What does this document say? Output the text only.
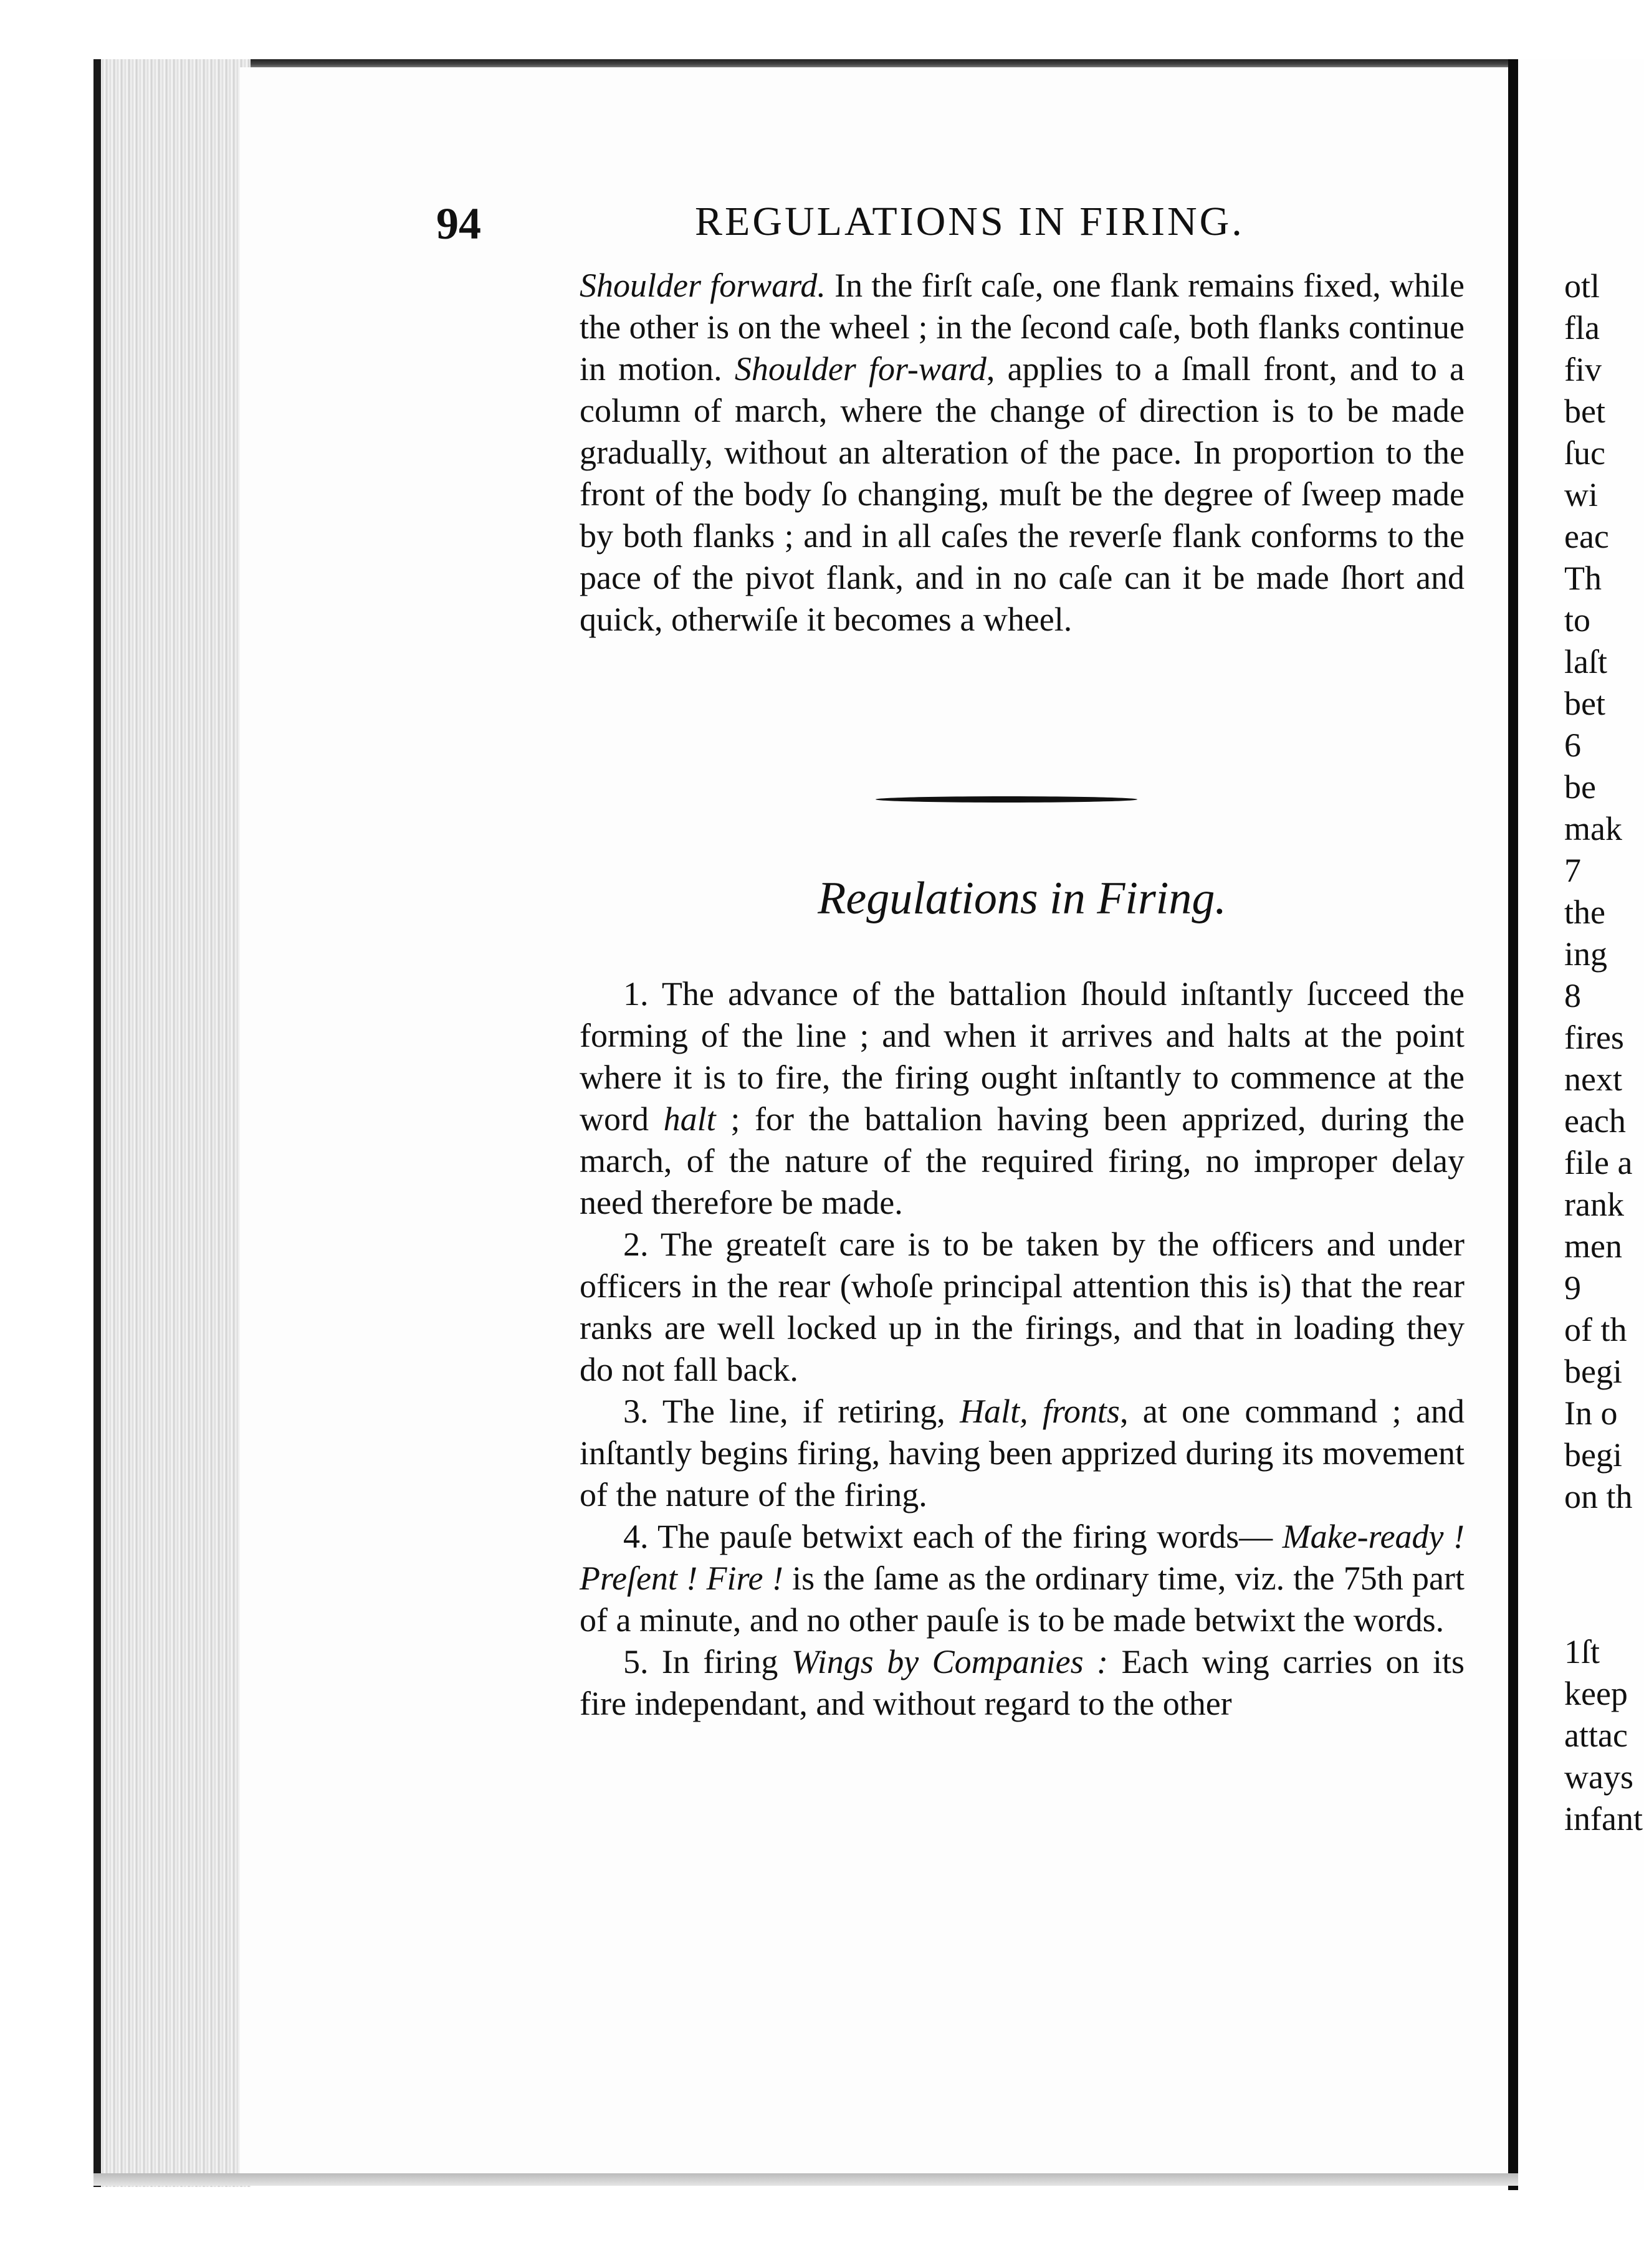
94	REGULATIONS IN FIRING.

Shoulder forward. In the firſt caſe, one flank remains fixed, while the other is on the wheel ; in the ſecond caſe, both flanks continue in motion. Shoulder for-ward, applies to a ſmall front, and to a column of march, where the change of direction is to be made gradually, without an alteration of the pace. In proportion to the front of the body ſo changing, muſt be the degree of ſweep made by both flanks ; and in all caſes the reverſe flank conforms to the pace of the pivot flank, and in no caſe can it be made ſhort and quick, otherwiſe it becomes a wheel.

Regulations in Firing.

1. The advance of the battalion ſhould inſtantly ſucceed the forming of the line ; and when it arrives and halts at the point where it is to fire, the firing ought inſtantly to commence at the word halt ; for the battalion having been apprized, during the march, of the nature of the required firing, no improper delay need therefore be made.

2. The greateſt care is to be taken by the officers and under officers in the rear (whoſe principal attention this is) that the rear ranks are well locked up in the firings, and that in loading they do not fall back.

3. The line, if retiring, Halt, fronts, at one command ; and inſtantly begins firing, having been apprized during its movement of the nature of the firing.

4. The pauſe betwixt each of the firing words— Make-ready ! Preſent ! Fire ! is the ſame as the ordinary time, viz. the 75th part of a minute, and no other pauſe is to be made betwixt the words.

5. In firing Wings by Companies : Each wing carries on its fire independant, and without regard to the other

otl
fla
fiv
bet
ſuc
wi
eac
Th
to
laſt
bet
6
be
mak
7
the
ing
8
fires
next
each
file a
rank
men
9
of th
begi
In o
begi
on th
1ſt
keep
attac
ways
infant
